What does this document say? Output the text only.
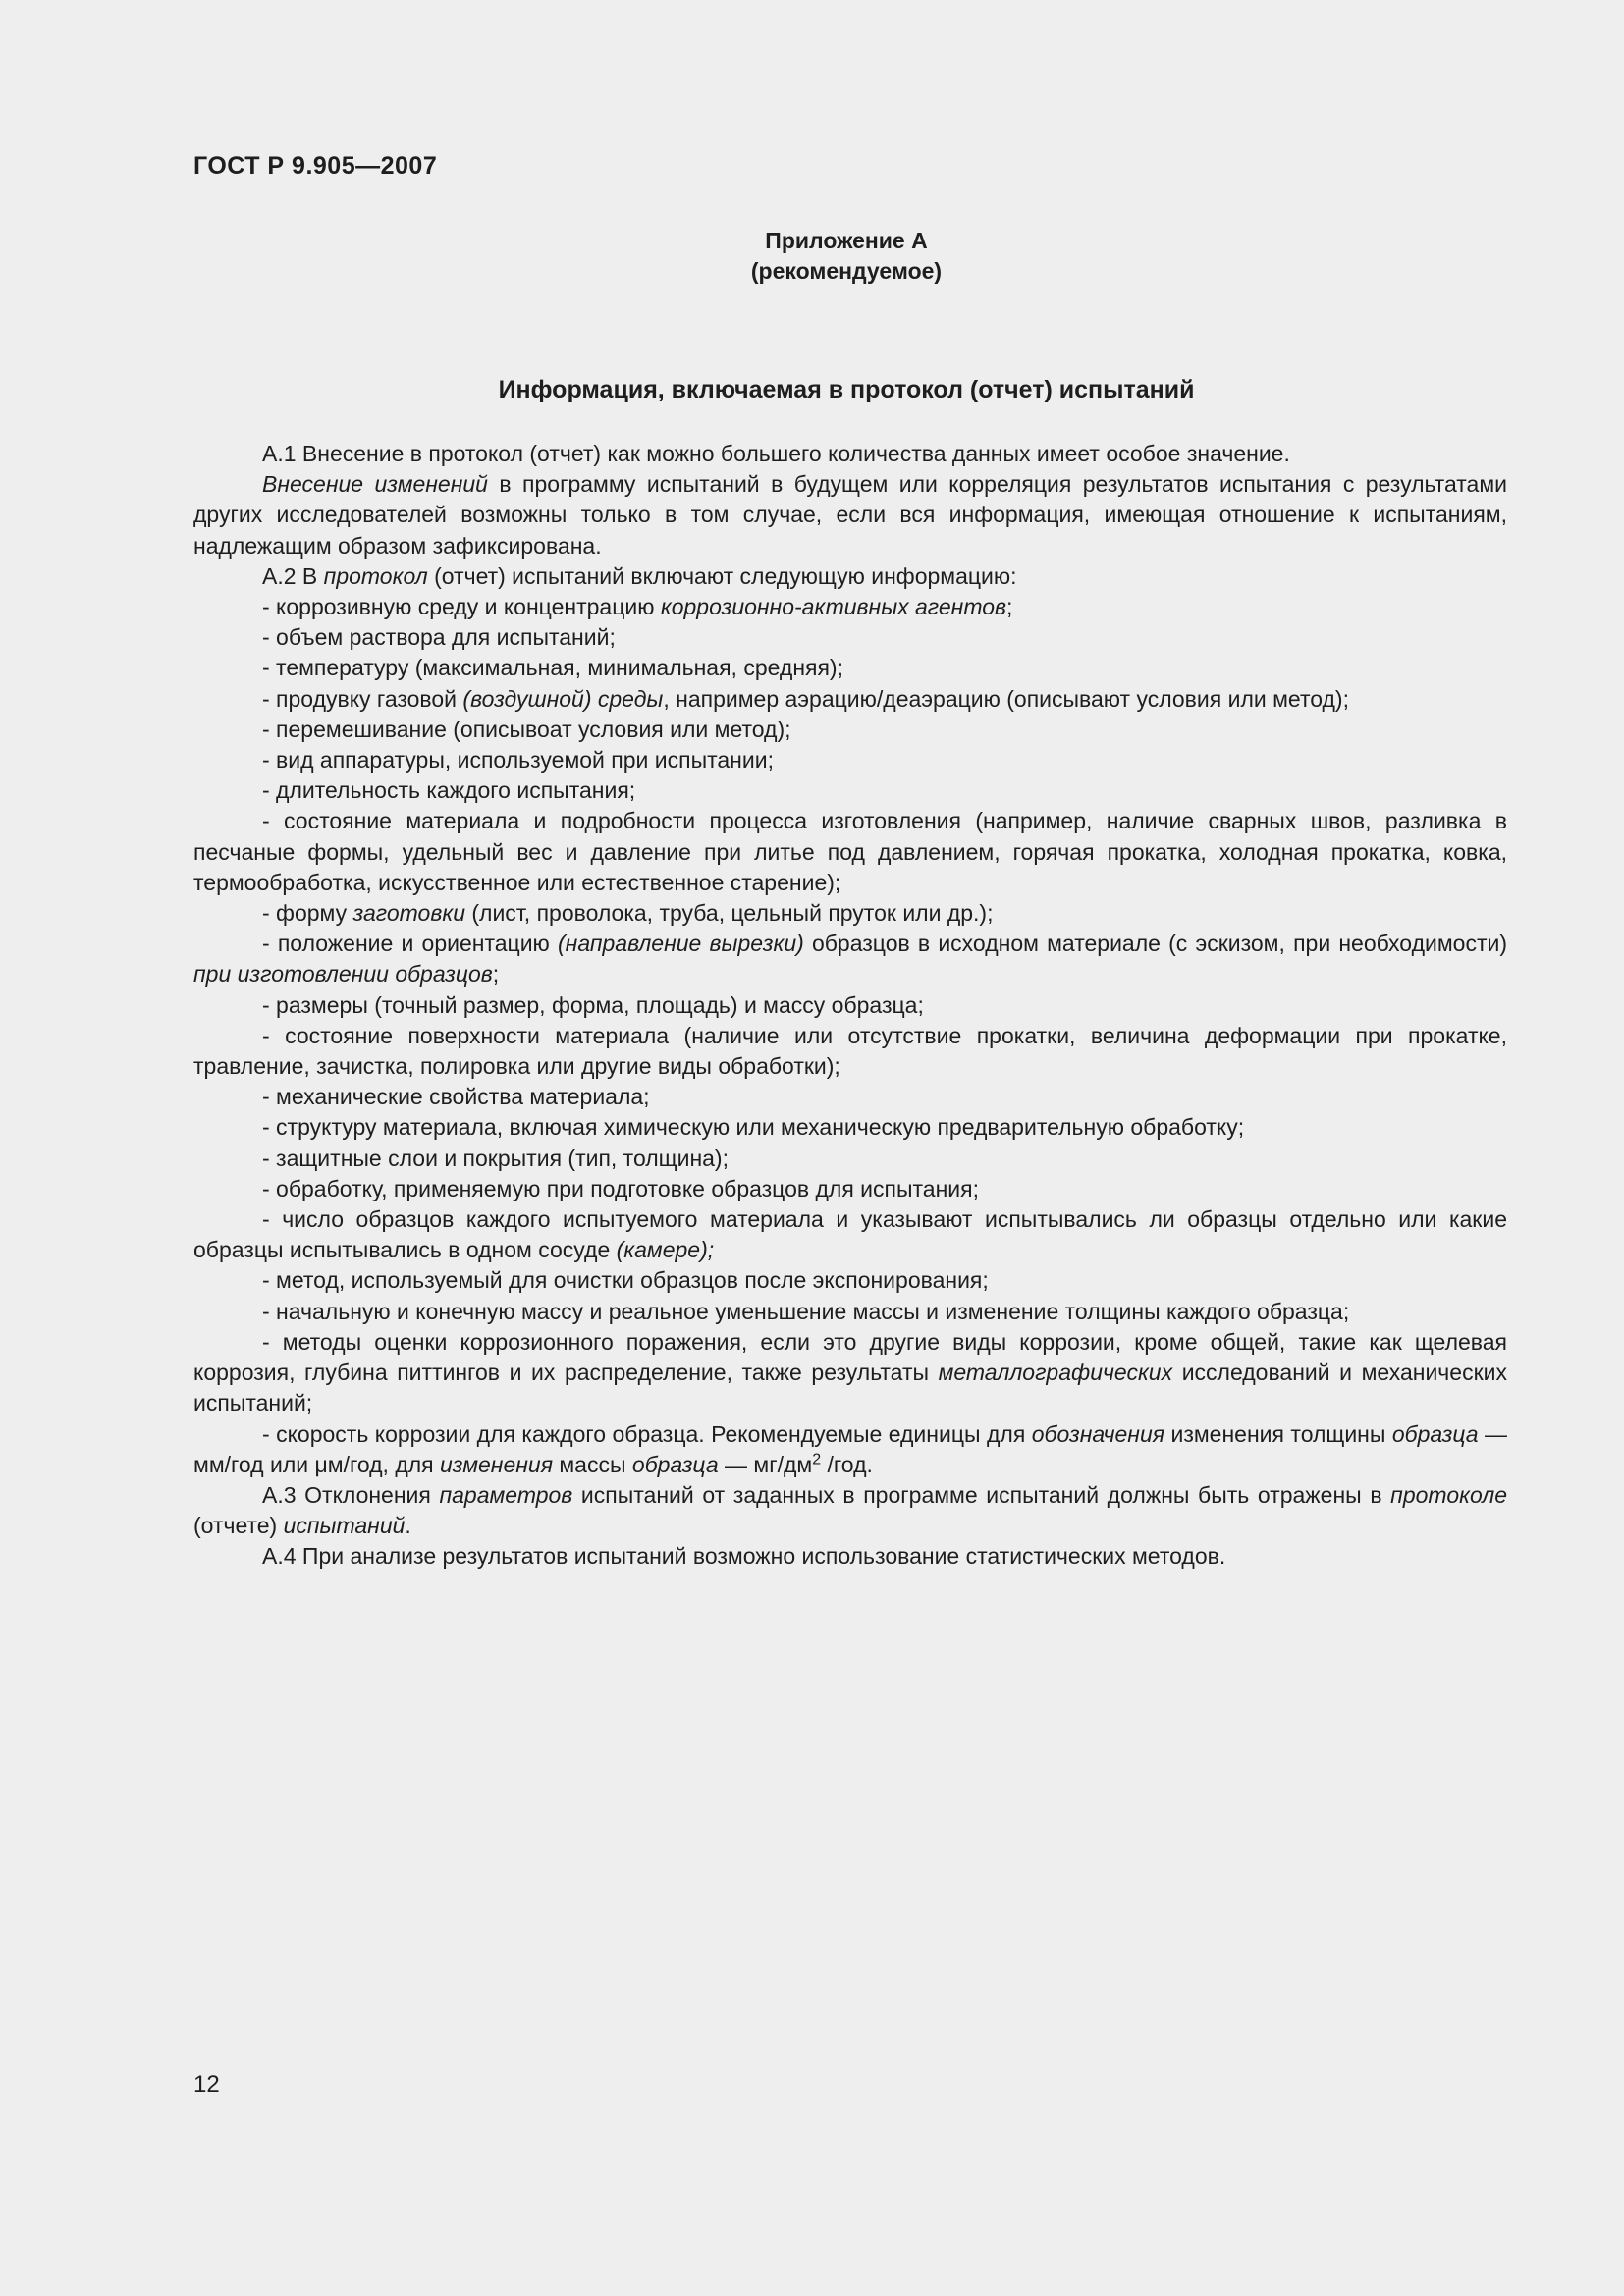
ГОСТ Р 9.905—2007
Приложение А
(рекомендуемое)
Информация, включаемая в протокол (отчет) испытаний

А.1 Внесение в протокол (отчет) как можно большего количества данных имеет особое значение.

Внесение изменений в программу испытаний в будущем или корреляция результатов испытания с результатами других исследователей возможны только в том случае, если вся информация, имеющая отношение к испытаниям, надлежащим образом зафиксирована.

А.2 В протокол (отчет) испытаний включают следующую информацию:

- коррозивную среду и концентрацию коррозионно-активных агентов;

- объем раствора для испытаний;

- температуру (максимальная, минимальная, средняя);

- продувку газовой (воздушной) среды, например аэрацию/деаэрацию (описывают условия или метод);

- перемешивание (описывоат условия или метод);

- вид аппаратуры, используемой при испытании;

- длительность каждого испытания;

- состояние материала и подробности процесса изготовления (например, наличие сварных швов, разливка в песчаные формы, удельный вес и давление при литье под давлением, горячая прокатка, холодная прокатка, ковка, термообработка, искусственное или естественное старение);

- форму заготовки (лист, проволока, труба, цельный пруток или др.);

- положение и ориентацию (направление вырезки) образцов в исходном материале (с эскизом, при необходимости) при изготовлении образцов;

- размеры (точный размер, форма, площадь) и массу образца;

- состояние поверхности материала (наличие или отсутствие прокатки, величина деформации при прокатке, травление, зачистка, полировка или другие виды обработки);

- механические свойства материала;

- структуру материала, включая химическую или механическую предварительную обработку;

- защитные слои и покрытия (тип, толщина);

- обработку, применяемую при подготовке образцов для испытания;

- число образцов каждого испытуемого материала и указывают испытывались ли образцы отдельно или какие образцы испытывались в одном сосуде (камере);

- метод, используемый для очистки образцов после экспонирования;

- начальную и конечную массу и реальное уменьшение массы и изменение толщины каждого образца;

- методы оценки коррозионного поражения, если это другие виды коррозии, кроме общей, такие как щелевая коррозия, глубина питтингов и их распределение, также результаты металлографических исследований и механических испытаний;

- скорость коррозии для каждого образца. Рекомендуемые единицы для обозначения изменения толщины образца — мм/год или μм/год, для изменения массы образца — $мг/дм^2$ /год.

А.3 Отклонения параметров испытаний от заданных в программе испытаний должны быть отражены в протоколе (отчете) испытаний.

А.4 При анализе результатов испытаний возможно использование статистических методов.

12
